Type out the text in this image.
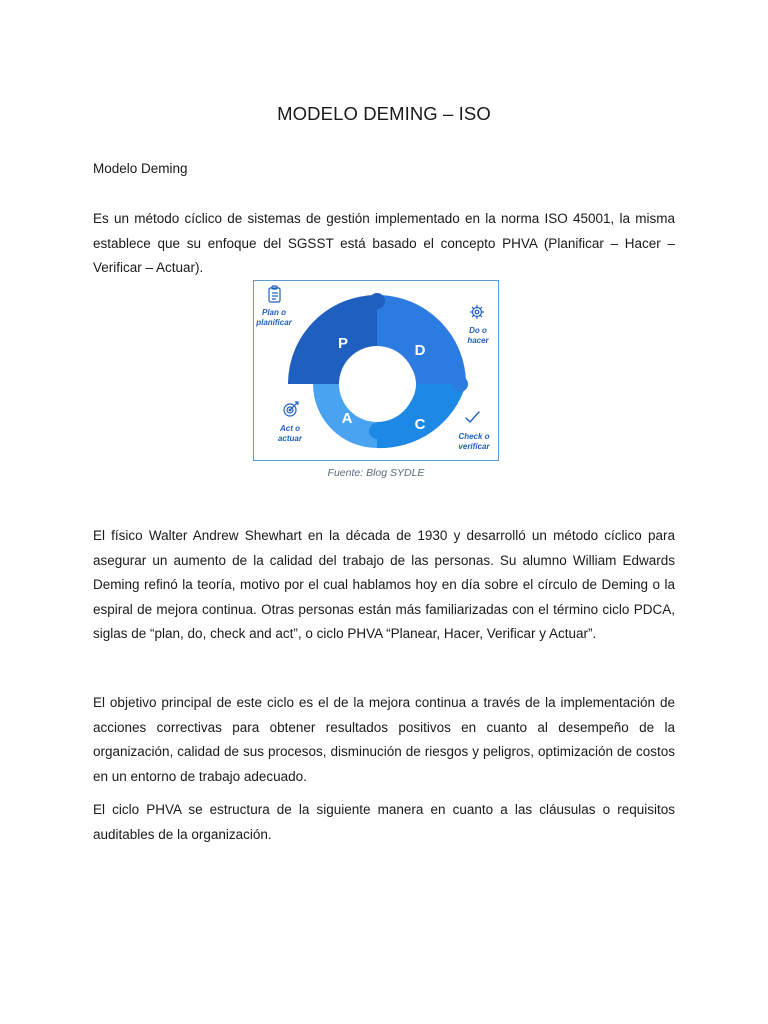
MODELO DEMING – ISO
Modelo Deming

Es un método cíclico de sistemas de gestión implementado en la norma ISO 45001, la misma establece que su enfoque del SGSST está basado el concepto PHVA (Planificar – Hacer – Verificar – Actuar).

P	D
C
A
Plan o
planificar
Do o
hacer
Check o
verificar
Act o
actuar
Fuente: Blog SYDLE

El físico Walter Andrew Shewhart en la década de 1930 y desarrolló un método cíclico para asegurar un aumento de la calidad del trabajo de las personas. Su alumno William Edwards Deming refinó la teoría, motivo por el cual hablamos hoy en día sobre el círculo de Deming o la espiral de mejora continua. Otras personas están más familiarizadas con el término ciclo PDCA, siglas de “plan, do, check and act”, o ciclo PHVA “Planear, Hacer, Verificar y Actuar”.

El objetivo principal de este ciclo es el de la mejora continua a través de la implementación de acciones correctivas para obtener resultados positivos en cuanto al desempeño de la organización, calidad de sus procesos, disminución de riesgos y peligros, optimización de costos en un entorno de trabajo adecuado.

El ciclo PHVA se estructura de la siguiente manera en cuanto a las cláusulas o requisitos auditables de la organización.
